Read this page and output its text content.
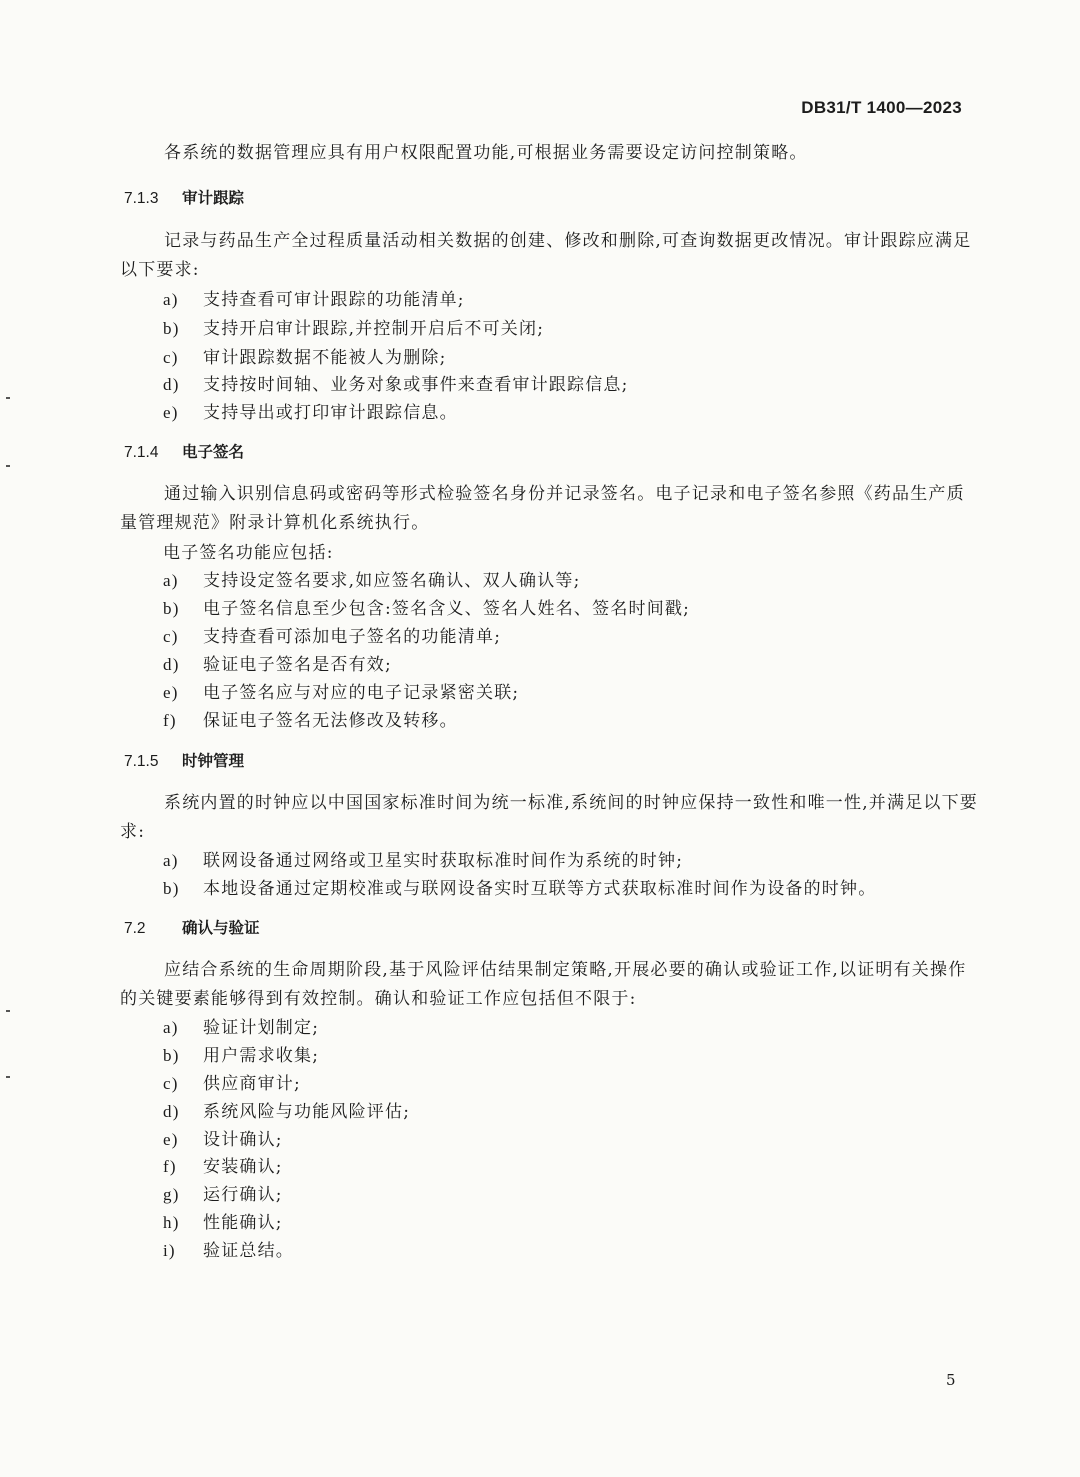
DB31/T 1400—2023

各系统的数据管理应具有用户权限配置功能,可根据业务需要设定访问控制策略。

7.1.3 审计跟踪

记录与药品生产全过程质量活动相关数据的创建、修改和删除,可查询数据更改情况。审计跟踪应满足以下要求:

a) 支持查看可审计跟踪的功能清单;
b) 支持开启审计跟踪,并控制开启后不可关闭;
c) 审计跟踪数据不能被人为删除;
d) 支持按时间轴、业务对象或事件来查看审计跟踪信息;
e) 支持导出或打印审计跟踪信息。
7.1.4 电子签名

通过输入识别信息码或密码等形式检验签名身份并记录签名。电子记录和电子签名参照《药品生产质量管理规范》附录计算机化系统执行。

电子签名功能应包括:
a) 支持设定签名要求,如应签名确认、双人确认等;
b) 电子签名信息至少包含:签名含义、签名人姓名、签名时间戳;
c) 支持查看可添加电子签名的功能清单;
d) 验证电子签名是否有效;
e) 电子签名应与对应的电子记录紧密关联;
f) 保证电子签名无法修改及转移。
7.1.5 时钟管理

系统内置的时钟应以中国国家标准时间为统一标准,系统间的时钟应保持一致性和唯一性,并满足以下要求:

a) 联网设备通过网络或卫星实时获取标准时间作为系统的时钟;
b) 本地设备通过定期校准或与联网设备实时互联等方式获取标准时间作为设备的时钟。
7.2 确认与验证

应结合系统的生命周期阶段,基于风险评估结果制定策略,开展必要的确认或验证工作,以证明有关操作的关键要素能够得到有效控制。确认和验证工作应包括但不限于:

a) 验证计划制定;
b) 用户需求收集;
c) 供应商审计;
d) 系统风险与功能风险评估;
e) 设计确认;
f) 安装确认;
g) 运行确认;
h) 性能确认;
i) 验证总结。
5
